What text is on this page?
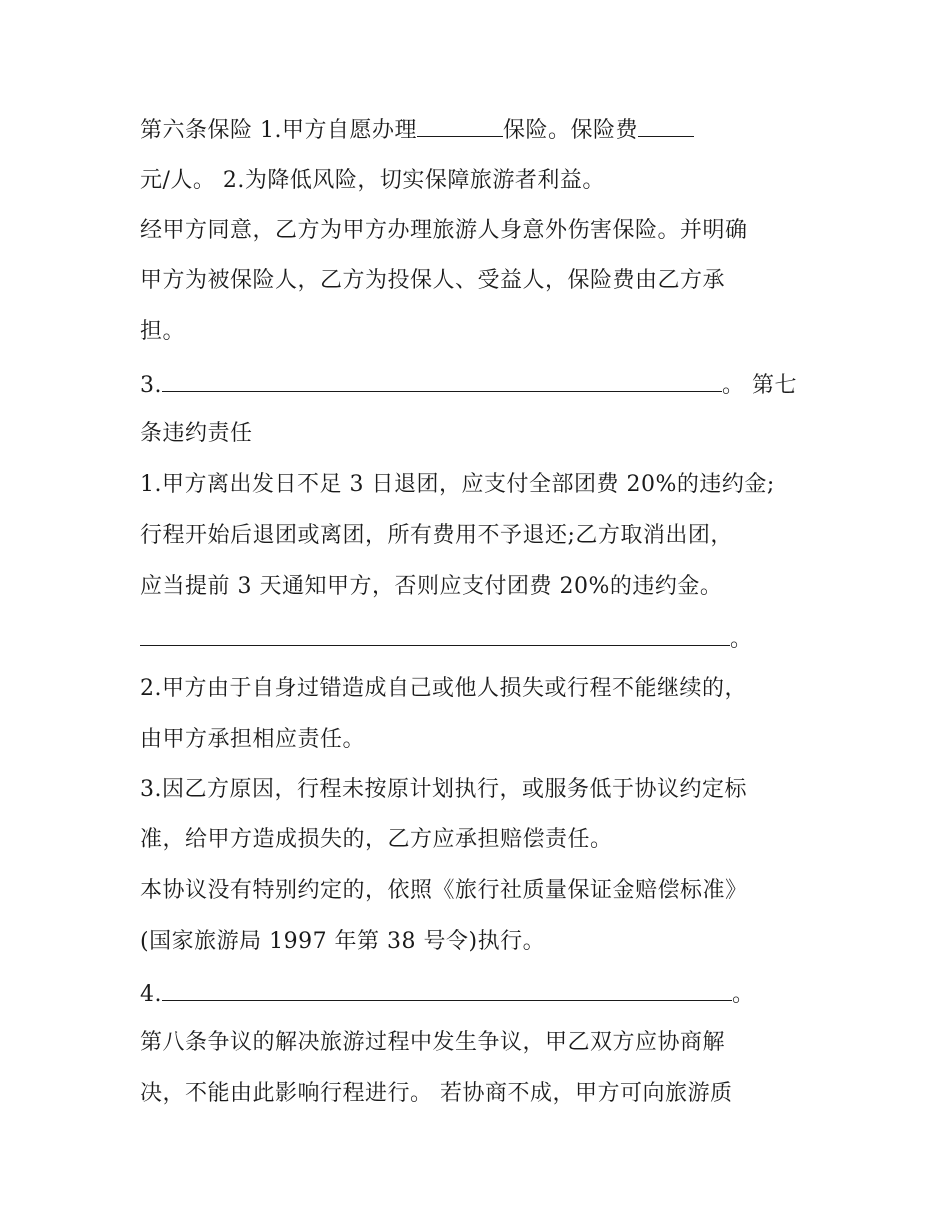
第六条保险 1.甲方自愿办理	保险。保险费
元/人。 2.为降低风险，切实保障旅游者利益。
经甲方同意，乙方为甲方办理旅游人身意外伤害保险。并明确
甲方为被保险人，乙方为投保人、受益人，保险费由乙方承
担。
3.	。 第七
条违约责任
1.甲方离出发日不足 3 日退团，应支付全部团费 20%的违约金;
行程开始后退团或离团，所有费用不予退还;乙方取消出团，
应当提前 3 天通知甲方，否则应支付团费 20%的违约金。
。
2.甲方由于自身过错造成自己或他人损失或行程不能继续的，
由甲方承担相应责任。
3.因乙方原因，行程未按原计划执行，或服务低于协议约定标
准，给甲方造成损失的，乙方应承担赔偿责任。
本协议没有特别约定的，依照《旅行社质量保证金赔偿标准》
(国家旅游局 1997 年第 38 号令)执行。
4.	。
第八条争议的解决旅游过程中发生争议，甲乙双方应协商解
决，不能由此影响行程进行。 若协商不成，甲方可向旅游质
